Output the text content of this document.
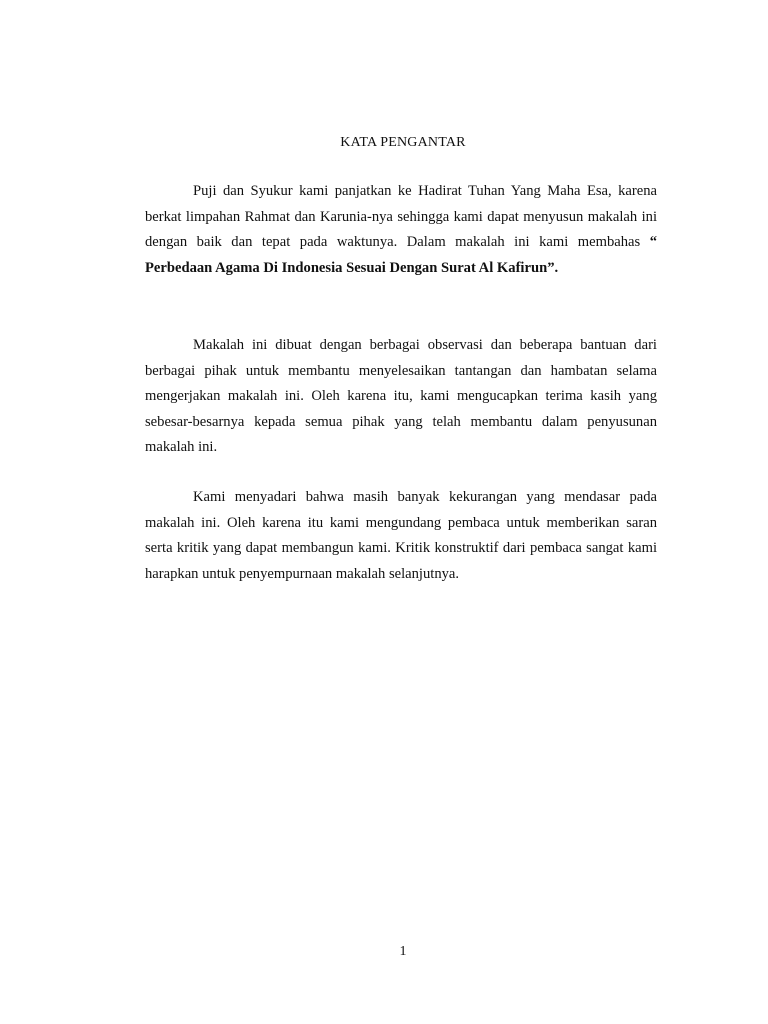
KATA PENGANTAR

Puji dan Syukur kami panjatkan ke Hadirat Tuhan Yang Maha Esa, karena berkat limpahan Rahmat dan Karunia-nya sehingga kami dapat menyusun makalah ini dengan baik dan tepat pada waktunya. Dalam makalah ini kami membahas “ Perbedaan Agama Di Indonesia Sesuai Dengan Surat Al Kafirun”.

Makalah ini dibuat dengan berbagai observasi dan beberapa bantuan dari berbagai pihak untuk membantu menyelesaikan tantangan dan hambatan selama mengerjakan makalah ini. Oleh karena itu, kami mengucapkan terima kasih yang sebesar-besarnya kepada semua pihak yang telah membantu dalam penyusunan makalah ini.

Kami menyadari bahwa masih banyak kekurangan yang mendasar pada makalah ini. Oleh karena itu kami mengundang pembaca untuk memberikan saran serta kritik yang dapat membangun kami. Kritik konstruktif dari pembaca sangat kami harapkan untuk penyempurnaan makalah selanjutnya.

1
